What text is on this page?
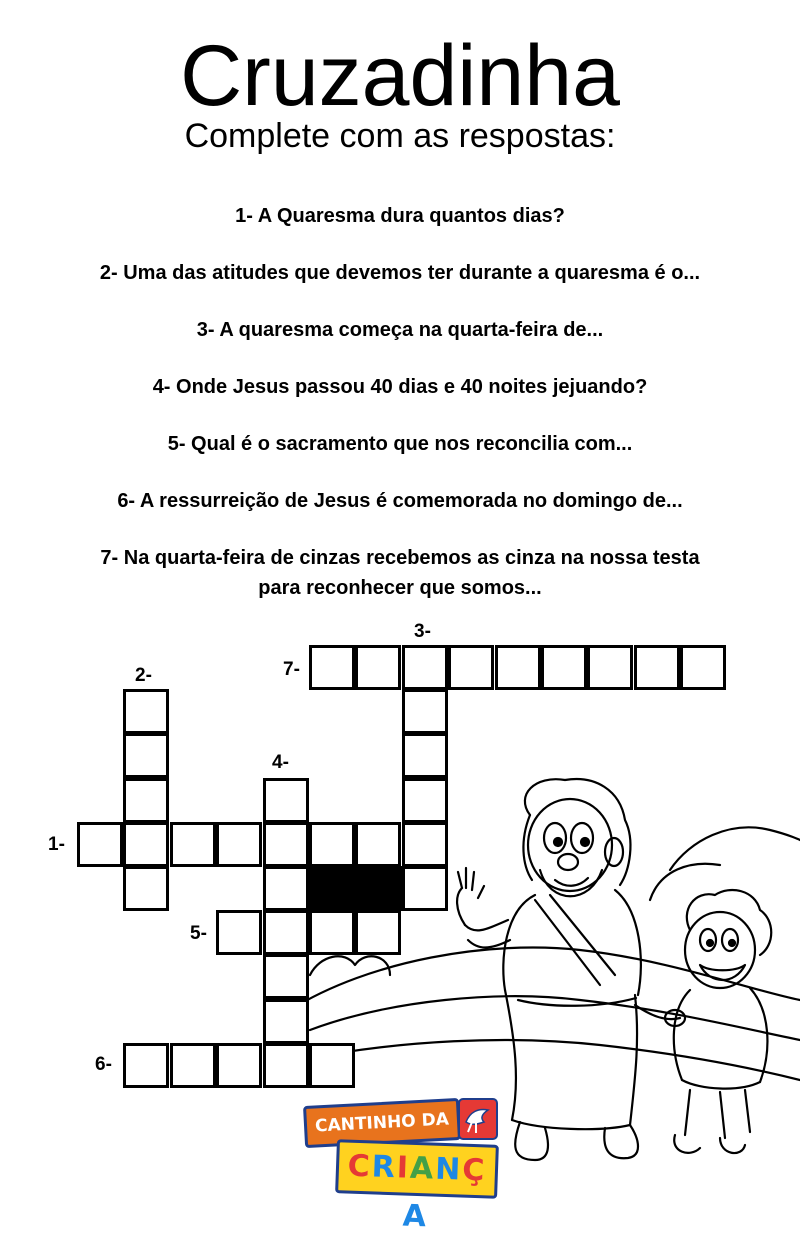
Cruzadinha
Complete com as respostas:
1- A Quaresma dura quantos dias?
2- Uma das atitudes que devemos ter durante a quaresma é o...
3- A quaresma começa na quarta-feira de...
4- Onde Jesus passou 40 dias e 40 noites jejuando?
5- Qual é o sacramento que nos reconcilia com...
6- A ressurreição de Jesus é comemorada no domingo de...
7- Na quarta-feira de cinzas recebemos as cinza na nossa testa
para reconhecer que somos...
1-
2-
3-
4-
5-
6-
7-
CANTINHO DA
CRIANÇA
